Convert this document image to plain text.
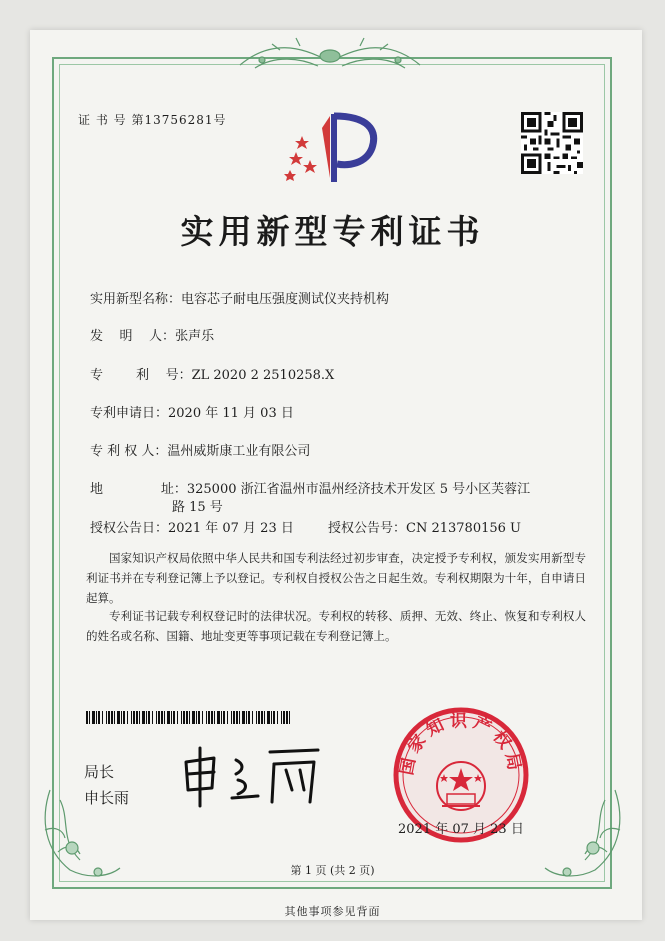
证 书 号 第13756281号
实用新型专利证书
实用新型名称：电容芯子耐电压强度测试仪夹持机构
发    明    人：张声乐
专        利    号：ZL 2020 2 2510258.X
专利申请日：2020 年 11 月 03 日
专 利 权 人：温州威斯康工业有限公司
地              址：325000 浙江省温州市温州经济技术开发区 5 号小区芙蓉江
路 15 号
授权公告日：2021 年 07 月 23 日	授权公告号：CN 213780156 U
国家知识产权局依照中华人民共和国专利法经过初步审查，决定授予专利权，颁发实用新型专利证书并在专利登记簿上予以登记。专利权自授权公告之日起生效。专利权期限为十年，自申请日起算。
专利证书记载专利权登记时的法律状况。专利权的转移、质押、无效、终止、恢复和专利权人的姓名或名称、国籍、地址变更等事项记载在专利登记簿上。
局长
申长雨
国家知识产权局
2021 年 07 月 23 日
第 1 页 (共 2 页)
其他事项参见背面
